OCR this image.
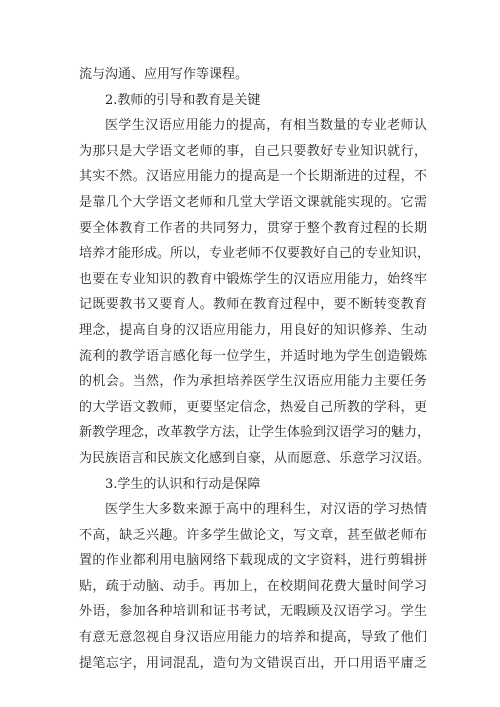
流与沟通、应用写作等课程。
2.教师的引导和教育是关键
医学生汉语应用能力的提高，有相当数量的专业老师认
为那只是大学语文老师的事，自己只要教好专业知识就行，
其实不然。汉语应用能力的提高是一个长期渐进的过程，不
是靠几个大学语文老师和几堂大学语文课就能实现的。它需
要全体教育工作者的共同努力，贯穿于整个教育过程的长期
培养才能形成。所以，专业老师不仅要教好自己的专业知识，
也要在专业知识的教育中锻炼学生的汉语应用能力，始终牢
记既要教书又要育人。教师在教育过程中，要不断转变教育
理念，提高自身的汉语应用能力，用良好的知识修养、生动
流利的教学语言感化每一位学生，并适时地为学生创造锻炼
的机会。当然，作为承担培养医学生汉语应用能力主要任务
的大学语文教师，更要坚定信念，热爱自己所教的学科，更
新教学理念，改革教学方法，让学生体验到汉语学习的魅力，
为民族语言和民族文化感到自豪，从而愿意、乐意学习汉语。
3.学生的认识和行动是保障
医学生大多数来源于高中的理科生，对汉语的学习热情
不高，缺乏兴趣。许多学生做论文，写文章，甚至做老师布
置的作业都利用电脑网络下载现成的文字资料，进行剪辑拼
贴，疏于动脑、动手。再加上，在校期间花费大量时间学习
外语，参加各种培训和证书考试，无暇顾及汉语学习。学生
有意无意忽视自身汉语应用能力的培养和提高，导致了他们
提笔忘字，用词混乱，造句为文错误百出，开口用语平庸乏
